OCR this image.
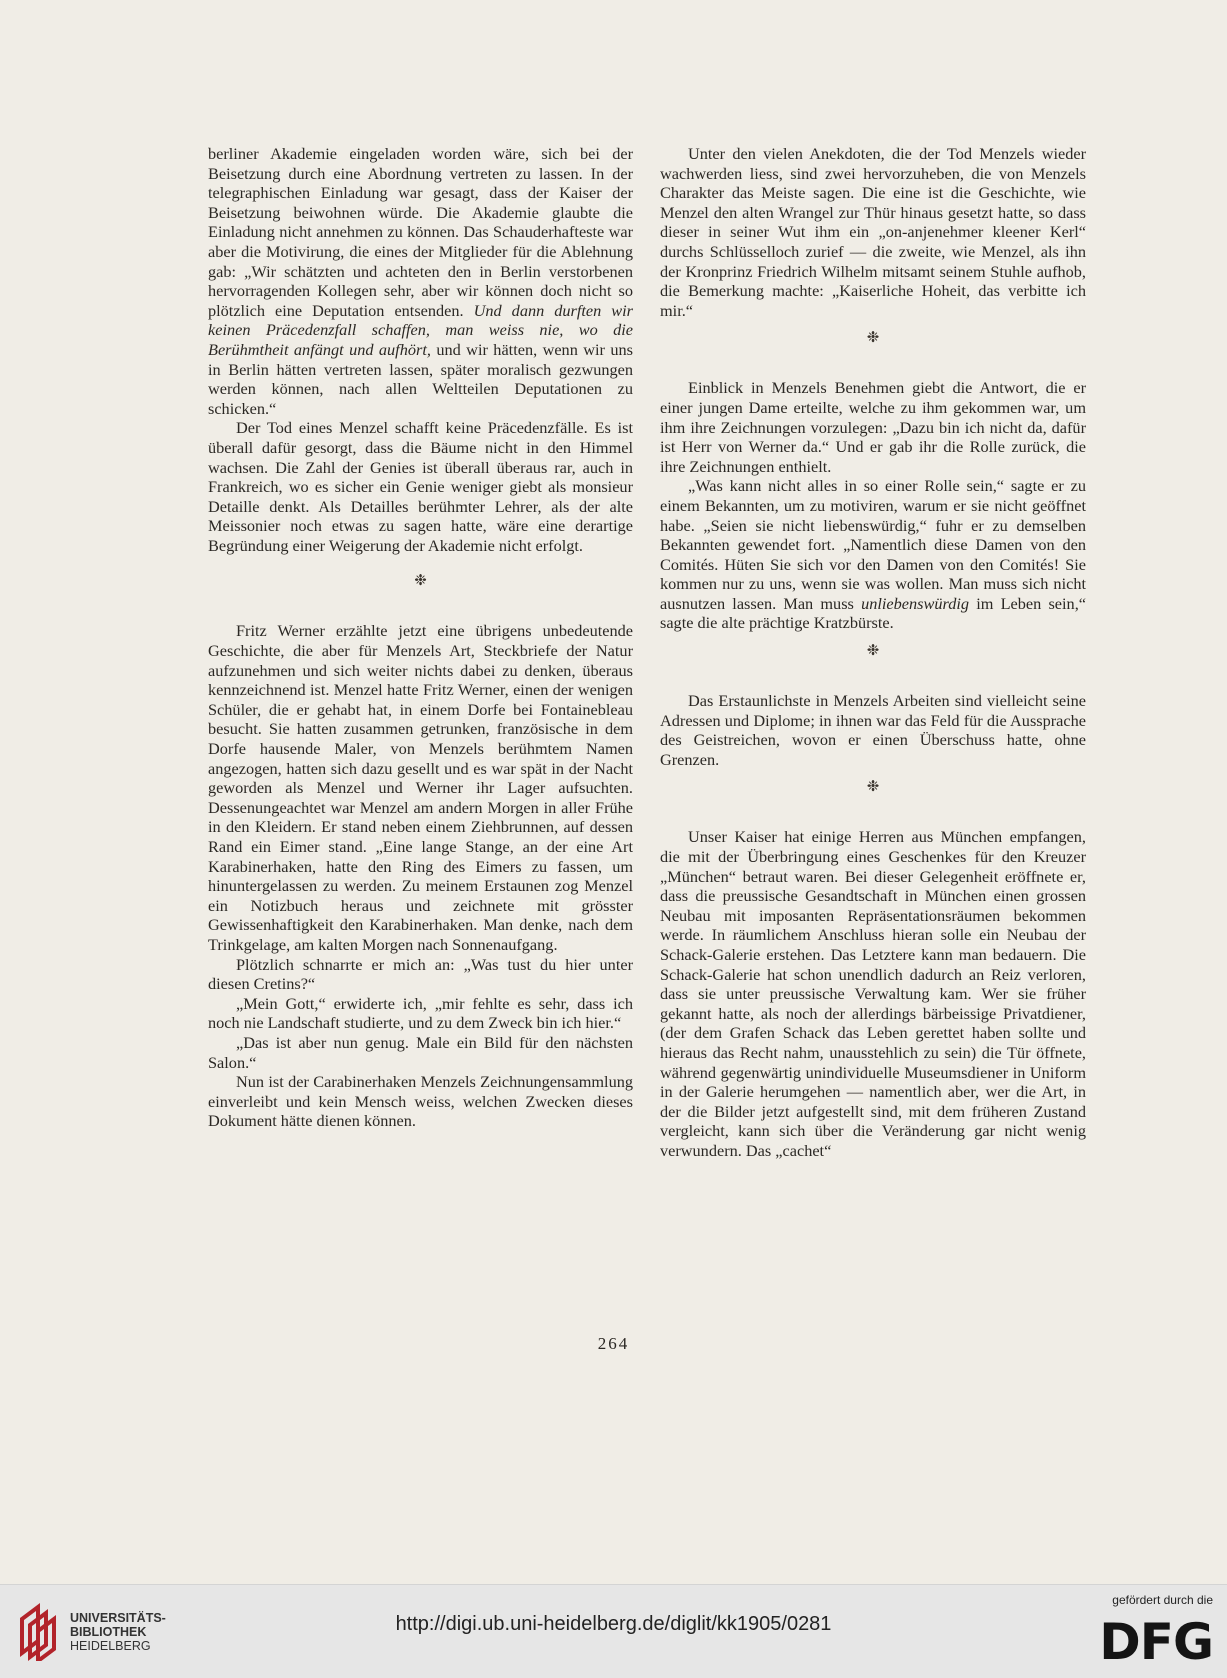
berliner Akademie eingeladen worden wäre, sich bei der Beisetzung durch eine Abordnung vertreten zu lassen. In der telegraphischen Einladung war gesagt, dass der Kaiser der Beisetzung beiwohnen würde. Die Akademie glaubte die Einladung nicht annehmen zu können. Das Schauderhafteste war aber die Motivirung, die eines der Mitglieder für die Ablehnung gab: „Wir schätzten und achteten den in Berlin verstorbenen hervorragenden Kollegen sehr, aber wir können doch nicht so plötzlich eine Deputation entsenden. Und dann durften wir keinen Präcedenzfall schaffen, man weiss nie, wo die Berühmtheit anfängt und aufhört, und wir hätten, wenn wir uns in Berlin hätten vertreten lassen, später moralisch gezwungen werden können, nach allen Weltteilen Deputationen zu schicken.“

Der Tod eines Menzel schafft keine Präcedenzfälle. Es ist überall dafür gesorgt, dass die Bäume nicht in den Himmel wachsen. Die Zahl der Genies ist überall überaus rar, auch in Frankreich, wo es sicher ein Genie weniger giebt als monsieur Detaille denkt. Als Detailles berühmter Lehrer, als der alte Meissonier noch etwas zu sagen hatte, wäre eine derartige Begründung einer Weigerung der Akademie nicht erfolgt.

❉

Fritz Werner erzählte jetzt eine übrigens unbedeutende Geschichte, die aber für Menzels Art, Steckbriefe der Natur aufzunehmen und sich weiter nichts dabei zu denken, überaus kennzeichnend ist. Menzel hatte Fritz Werner, einen der wenigen Schüler, die er gehabt hat, in einem Dorfe bei Fontainebleau besucht. Sie hatten zusammen getrunken, französische in dem Dorfe hausende Maler, von Menzels berühmtem Namen angezogen, hatten sich dazu gesellt und es war spät in der Nacht geworden als Menzel und Werner ihr Lager aufsuchten. Dessenungeachtet war Menzel am andern Morgen in aller Frühe in den Kleidern. Er stand neben einem Ziehbrunnen, auf dessen Rand ein Eimer stand. „Eine lange Stange, an der eine Art Karabinerhaken, hatte den Ring des Eimers zu fassen, um hinuntergelassen zu werden. Zu meinem Erstaunen zog Menzel ein Notizbuch heraus und zeichnete mit grösster Gewissenhaftigkeit den Karabinerhaken. Man denke, nach dem Trinkgelage, am kalten Morgen nach Sonnenaufgang.

Plötzlich schnarrte er mich an: „Was tust du hier unter diesen Cretins?“

„Mein Gott,“ erwiderte ich, „mir fehlte es sehr, dass ich noch nie Landschaft studierte, und zu dem Zweck bin ich hier.“

„Das ist aber nun genug. Male ein Bild für den nächsten Salon.“

Nun ist der Carabinerhaken Menzels Zeichnungensammlung einverleibt und kein Mensch weiss, welchen Zwecken dieses Dokument hätte dienen können.

Unter den vielen Anekdoten, die der Tod Menzels wieder wachwerden liess, sind zwei hervorzuheben, die von Menzels Charakter das Meiste sagen. Die eine ist die Geschichte, wie Menzel den alten Wrangel zur Thür hinaus gesetzt hatte, so dass dieser in seiner Wut ihm ein „on-anjenehmer kleener Kerl“ durchs Schlüsselloch zurief — die zweite, wie Menzel, als ihn der Kronprinz Friedrich Wilhelm mitsamt seinem Stuhle aufhob, die Bemerkung machte: „Kaiserliche Hoheit, das verbitte ich mir.“

❉

Einblick in Menzels Benehmen giebt die Antwort, die er einer jungen Dame erteilte, welche zu ihm gekommen war, um ihm ihre Zeichnungen vorzulegen: „Dazu bin ich nicht da, dafür ist Herr von Werner da.“ Und er gab ihr die Rolle zurück, die ihre Zeichnungen enthielt.

„Was kann nicht alles in so einer Rolle sein,“ sagte er zu einem Bekannten, um zu motiviren, warum er sie nicht geöffnet habe. „Seien sie nicht liebenswürdig,“ fuhr er zu demselben Bekannten gewendet fort. „Namentlich diese Damen von den Comités. Hüten Sie sich vor den Damen von den Comités! Sie kommen nur zu uns, wenn sie was wollen. Man muss sich nicht ausnutzen lassen. Man muss unliebenswürdig im Leben sein,“ sagte die alte prächtige Kratzbürste.

❉

Das Erstaunlichste in Menzels Arbeiten sind vielleicht seine Adressen und Diplome; in ihnen war das Feld für die Aussprache des Geistreichen, wovon er einen Überschuss hatte, ohne Grenzen.

❉

Unser Kaiser hat einige Herren aus München empfangen, die mit der Überbringung eines Geschenkes für den Kreuzer „München“ betraut waren. Bei dieser Gelegenheit eröffnete er, dass die preussische Gesandtschaft in München einen grossen Neubau mit imposanten Repräsentationsräumen bekommen werde. In räumlichem Anschluss hieran solle ein Neubau der Schack-Galerie erstehen. Das Letztere kann man bedauern. Die Schack-Galerie hat schon unendlich dadurch an Reiz verloren, dass sie unter preussische Verwaltung kam. Wer sie früher gekannt hatte, als noch der allerdings bärbeissige Privatdiener, (der dem Grafen Schack das Leben gerettet haben sollte und hieraus das Recht nahm, unausstehlich zu sein) die Tür öffnete, während gegenwärtig unindividuelle Museumsdiener in Uniform in der Galerie herumgehen — namentlich aber, wer die Art, in der die Bilder jetzt aufgestellt sind, mit dem früheren Zustand vergleicht, kann sich über die Veränderung gar nicht wenig verwundern. Das „cachet“

264
UNIVERSITÄTS-
BIBLIOTHEK
HEIDELBERG
http://digi.ub.uni-heidelberg.de/diglit/kk1905/0281
gefördert durch die
DFG
